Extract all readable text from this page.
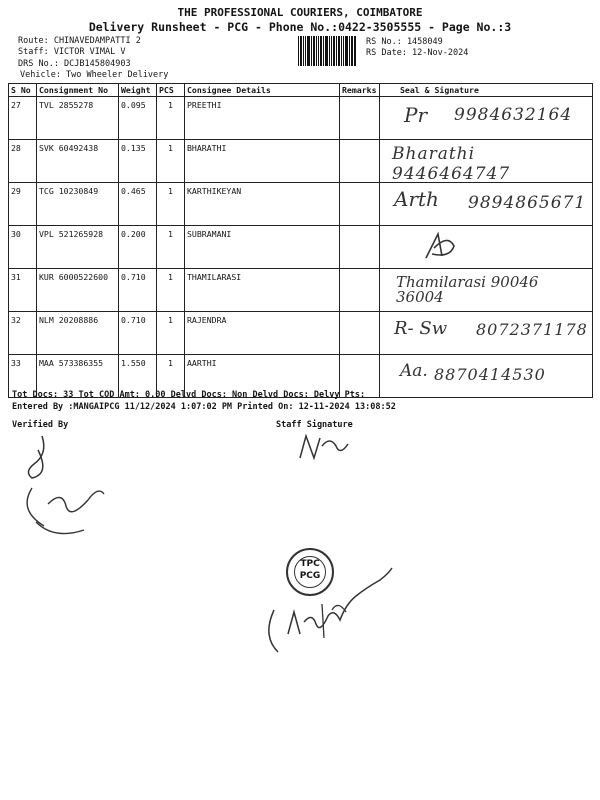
THE PROFESSIONAL COURIERS, COIMBATORE
Delivery Runsheet - PCG - Phone No.:0422-3505555 - Page No.:3
Route: CHINAVEDAMPATTI 2
Staff: VICTOR VIMAL V
DRS No.: DCJB145804903
Vehicle: Two Wheeler Delivery
RS No.: 1458049
RS Date: 12-Nov-2024
S No	Consignment No	Weight	PCS	Consignee Details	Remarks	Seal & Signature
27	TVL 2855278	0.095	1	PREETHI		Pr 9984632164

28	SVK 60492438	0.135	1	BHARATHI		Bharathi 9446464747

29	TCG 10230849	0.465	1	KARTHIKEYAN		Arth 9894865671

30	VPL 521265928	0.200	1	SUBRAMANI		

31	KUR 6000522600	0.710	1	THAMILARASI		Thamilarasi 90046 36004

32	NLM 20208886	0.710	1	RAJENDRA		R- Sw 8072371178

33	MAA 573386355	1.550	1	AARTHI		Aa. 8870414530
Tot Docs: 33 Tot COD Amt: 0.00 Delvd Docs: Non Delvd Docs: Delvy Pts:
Entered By :MANGAIPCG 11/12/2024 1:07:02 PM Printed On: 12-11-2024 13:08:52
Verified By	Staff Signature
TPC
PCG
